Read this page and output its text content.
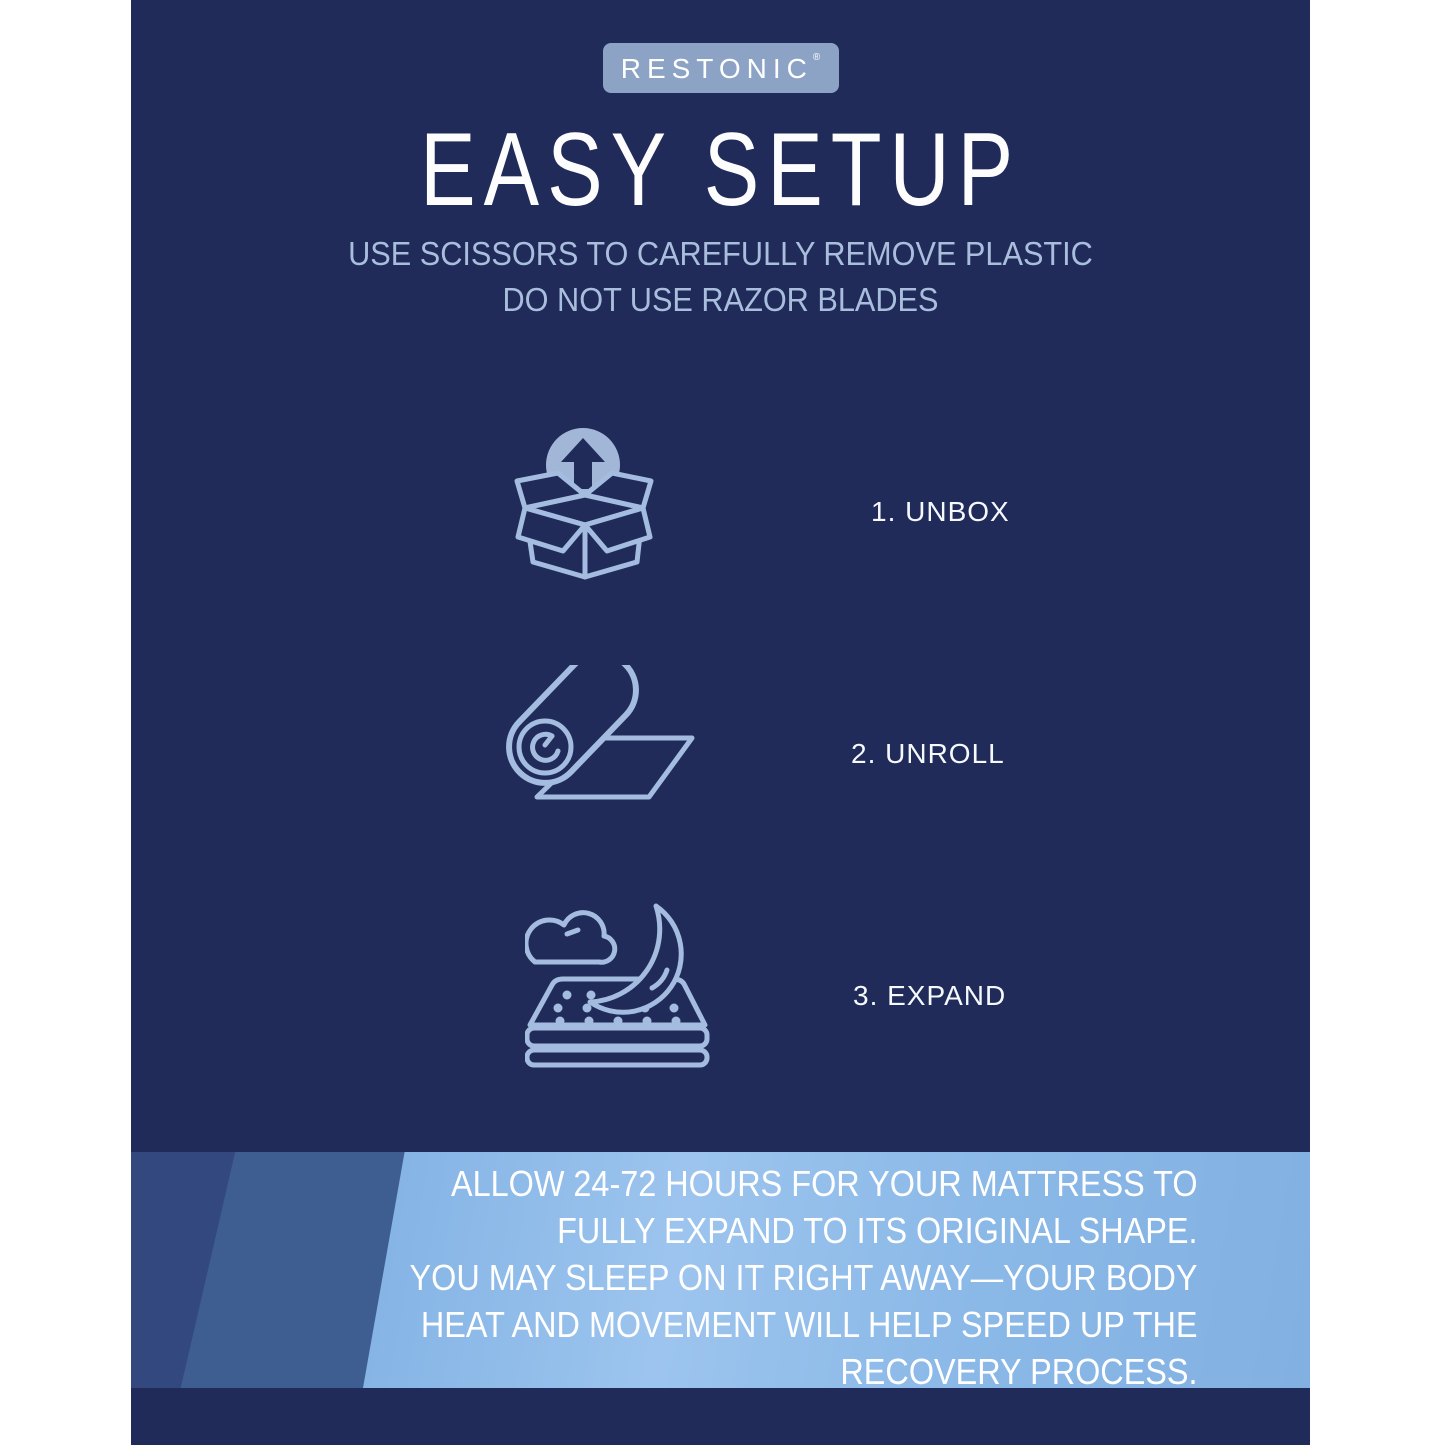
RESTONIC®
EASY SETUP
USE SCISSORS TO CAREFULLY REMOVE PLASTIC
DO NOT USE RAZOR BLADES
1. UNBOX
2. UNROLL
3. EXPAND
ALLOW 24-72 HOURS FOR YOUR MATTRESS TO
FULLY EXPAND TO ITS ORIGINAL SHAPE.
YOU MAY SLEEP ON IT RIGHT AWAY—YOUR BODY
HEAT AND MOVEMENT WILL HELP SPEED UP THE
RECOVERY PROCESS.
